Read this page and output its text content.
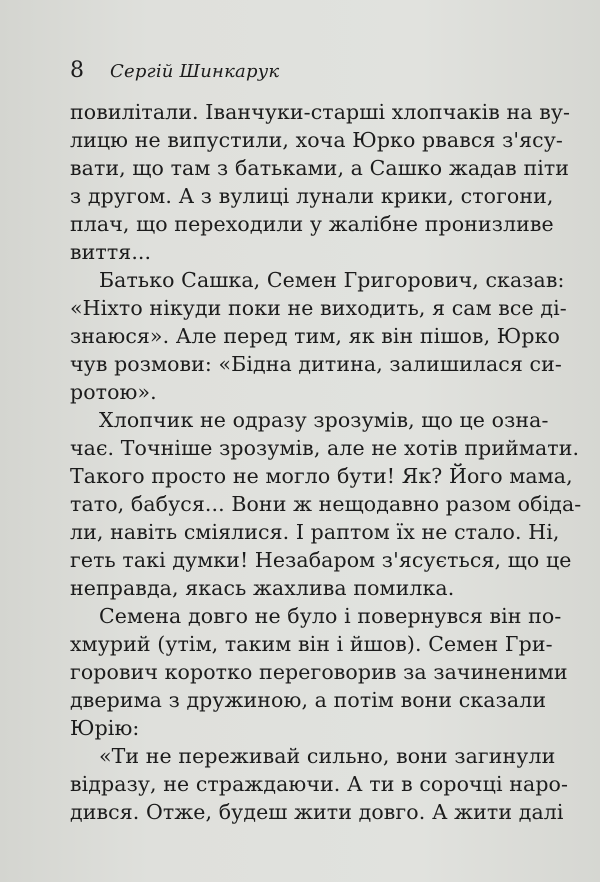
8	Сергій Шинкарук
повилітали. Іванчуки-старші хлопчаків на ву-
лицю не випустили, хоча Юрко рвався з'ясу-
вати, що там з батьками, а Сашко жадав піти
з другом. А з вулиці лунали крики, стогони,
плач, що переходили у жалібне пронизливе
виття...
Батько Сашка, Семен Григорович, сказав:
«Ніхто нікуди поки не виходить, я сам все ді-
знаюся». Але перед тим, як він пішов, Юрко
чув розмови: «Бідна дитина, залишилася си-
ротою».
Хлопчик не одразу зрозумів, що це озна-
чає. Точніше зрозумів, але не хотів приймати.
Такого просто не могло бути! Як? Його мама,
тато, бабуся... Вони ж нещодавно разом обіда-
ли, навіть сміялися. І раптом їх не стало. Ні,
геть такі думки! Незабаром з'ясується, що це
неправда, якась жахлива помилка.
Семена довго не було і повернувся він по-
хмурий (утім, таким він і йшов). Семен Гри-
горович коротко переговорив за зачиненими
дверима з дружиною, а потім вони сказали
Юрію:
«Ти не переживай сильно, вони загинули
відразу, не страждаючи. А ти в сорочці наро-
дився. Отже, будеш жити довго. А жити далі
